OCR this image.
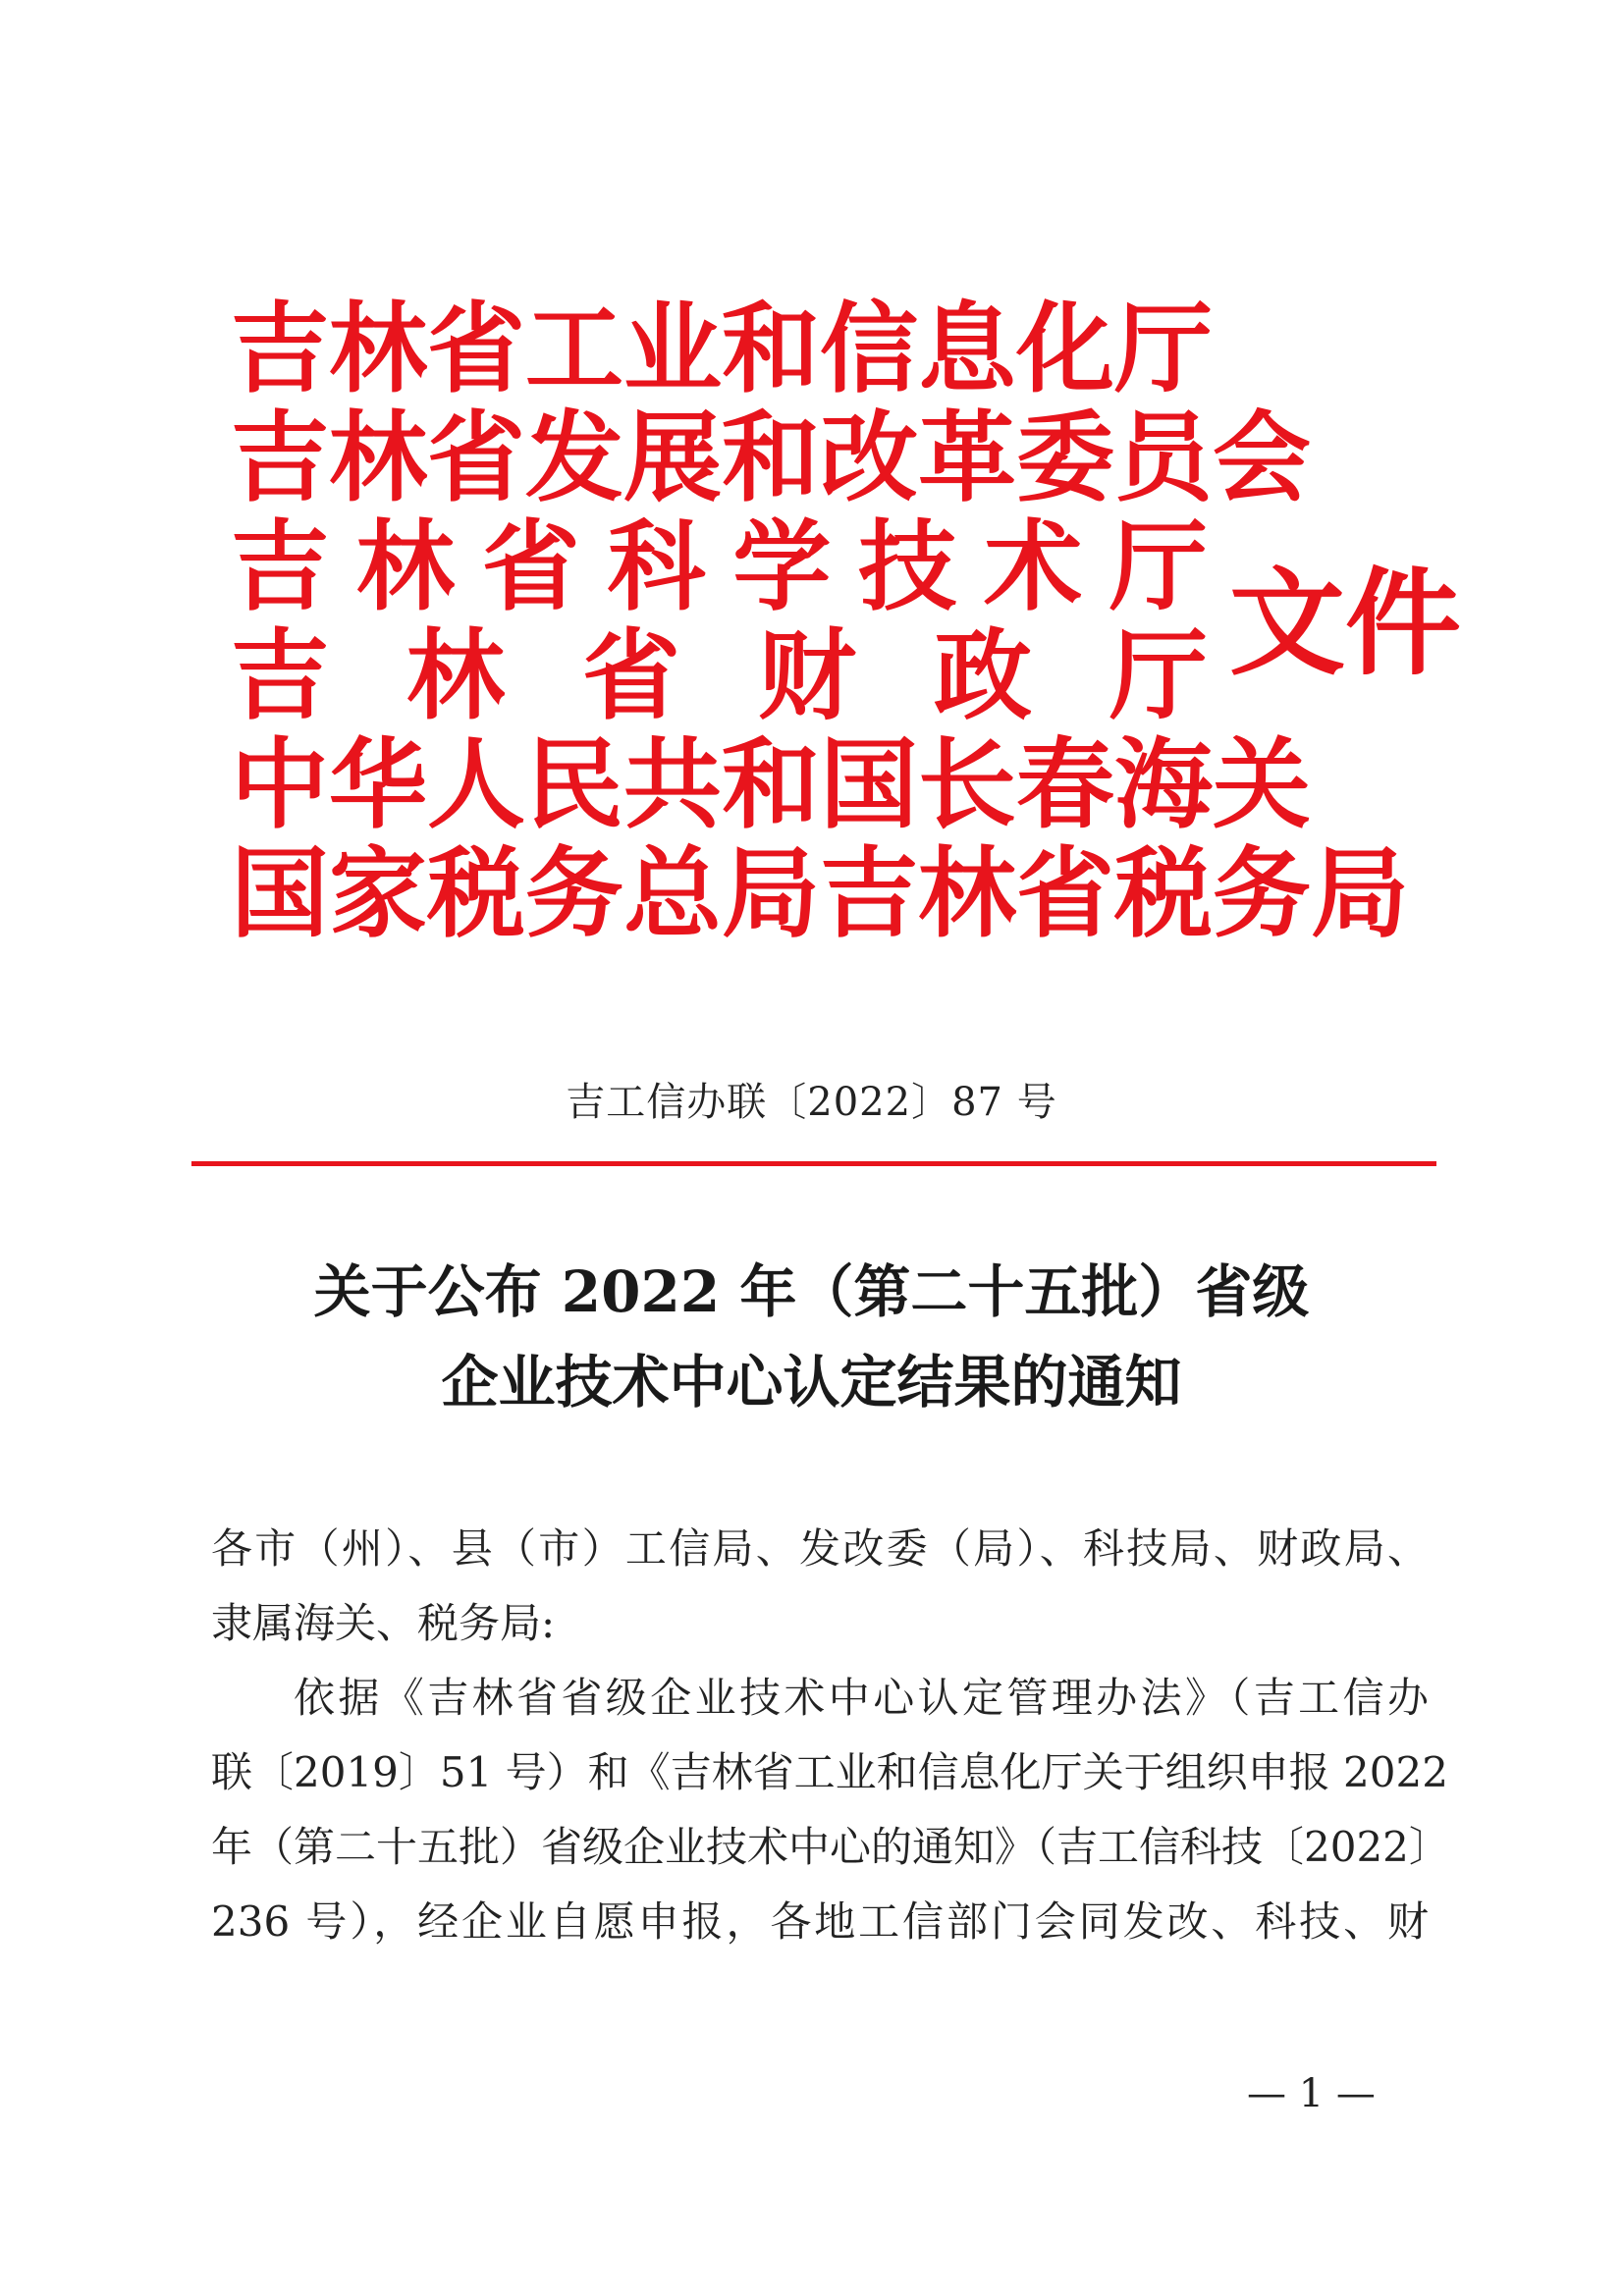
吉 林 省 工 业 和 信 息 化 厅
吉 林 省 发 展 和 改 革 委 员 会
吉 林 省 科 学 技 术 厅
吉 林 省 财 政 厅
中 华 人 民 共 和 国 长 春 海 关
国 家 税 务 总 局 吉 林 省 税 务 局
文件
吉工信办联〔2022〕87 号
关于公布 2022 年（第二十五批）省级
企业技术中心认定结果的通知
各市（州）、县（市）工信局、发改委（局）、科技局、财政局、
隶属海关、税务局:
依据《吉林省省级企业技术中心认定管理办法》（吉工信办
联〔2019〕51 号）和《吉林省工业和信息化厅关于组织申报 2022
年（第二十五批）省级企业技术中心的通知》（吉工信科技〔2022〕
236 号），经企业自愿申报，各地工信部门会同发改、科技、财
— 1 —
